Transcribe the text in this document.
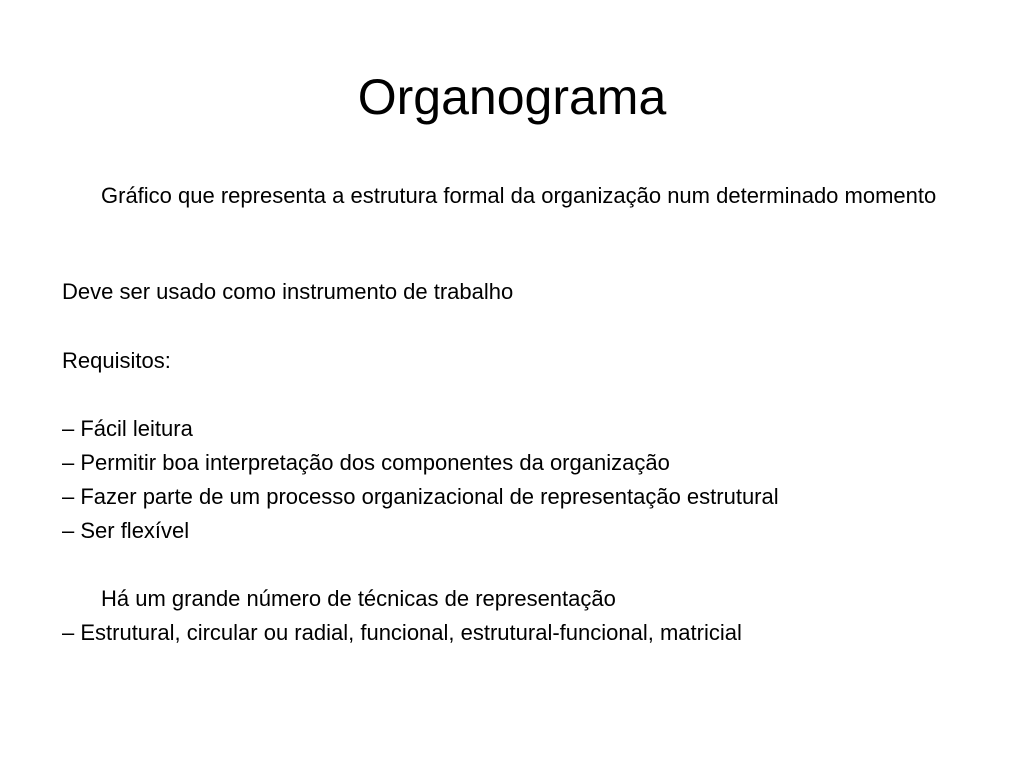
Organograma
Gráfico que representa a estrutura formal da organização num determinado momento
Deve ser usado como instrumento de trabalho
Requisitos:
– Fácil leitura
– Permitir boa interpretação dos componentes da organização
– Fazer parte de um processo organizacional de representação estrutural
– Ser flexível
Há um grande número de técnicas de representação
– Estrutural, circular ou radial, funcional, estrutural-funcional, matricial
